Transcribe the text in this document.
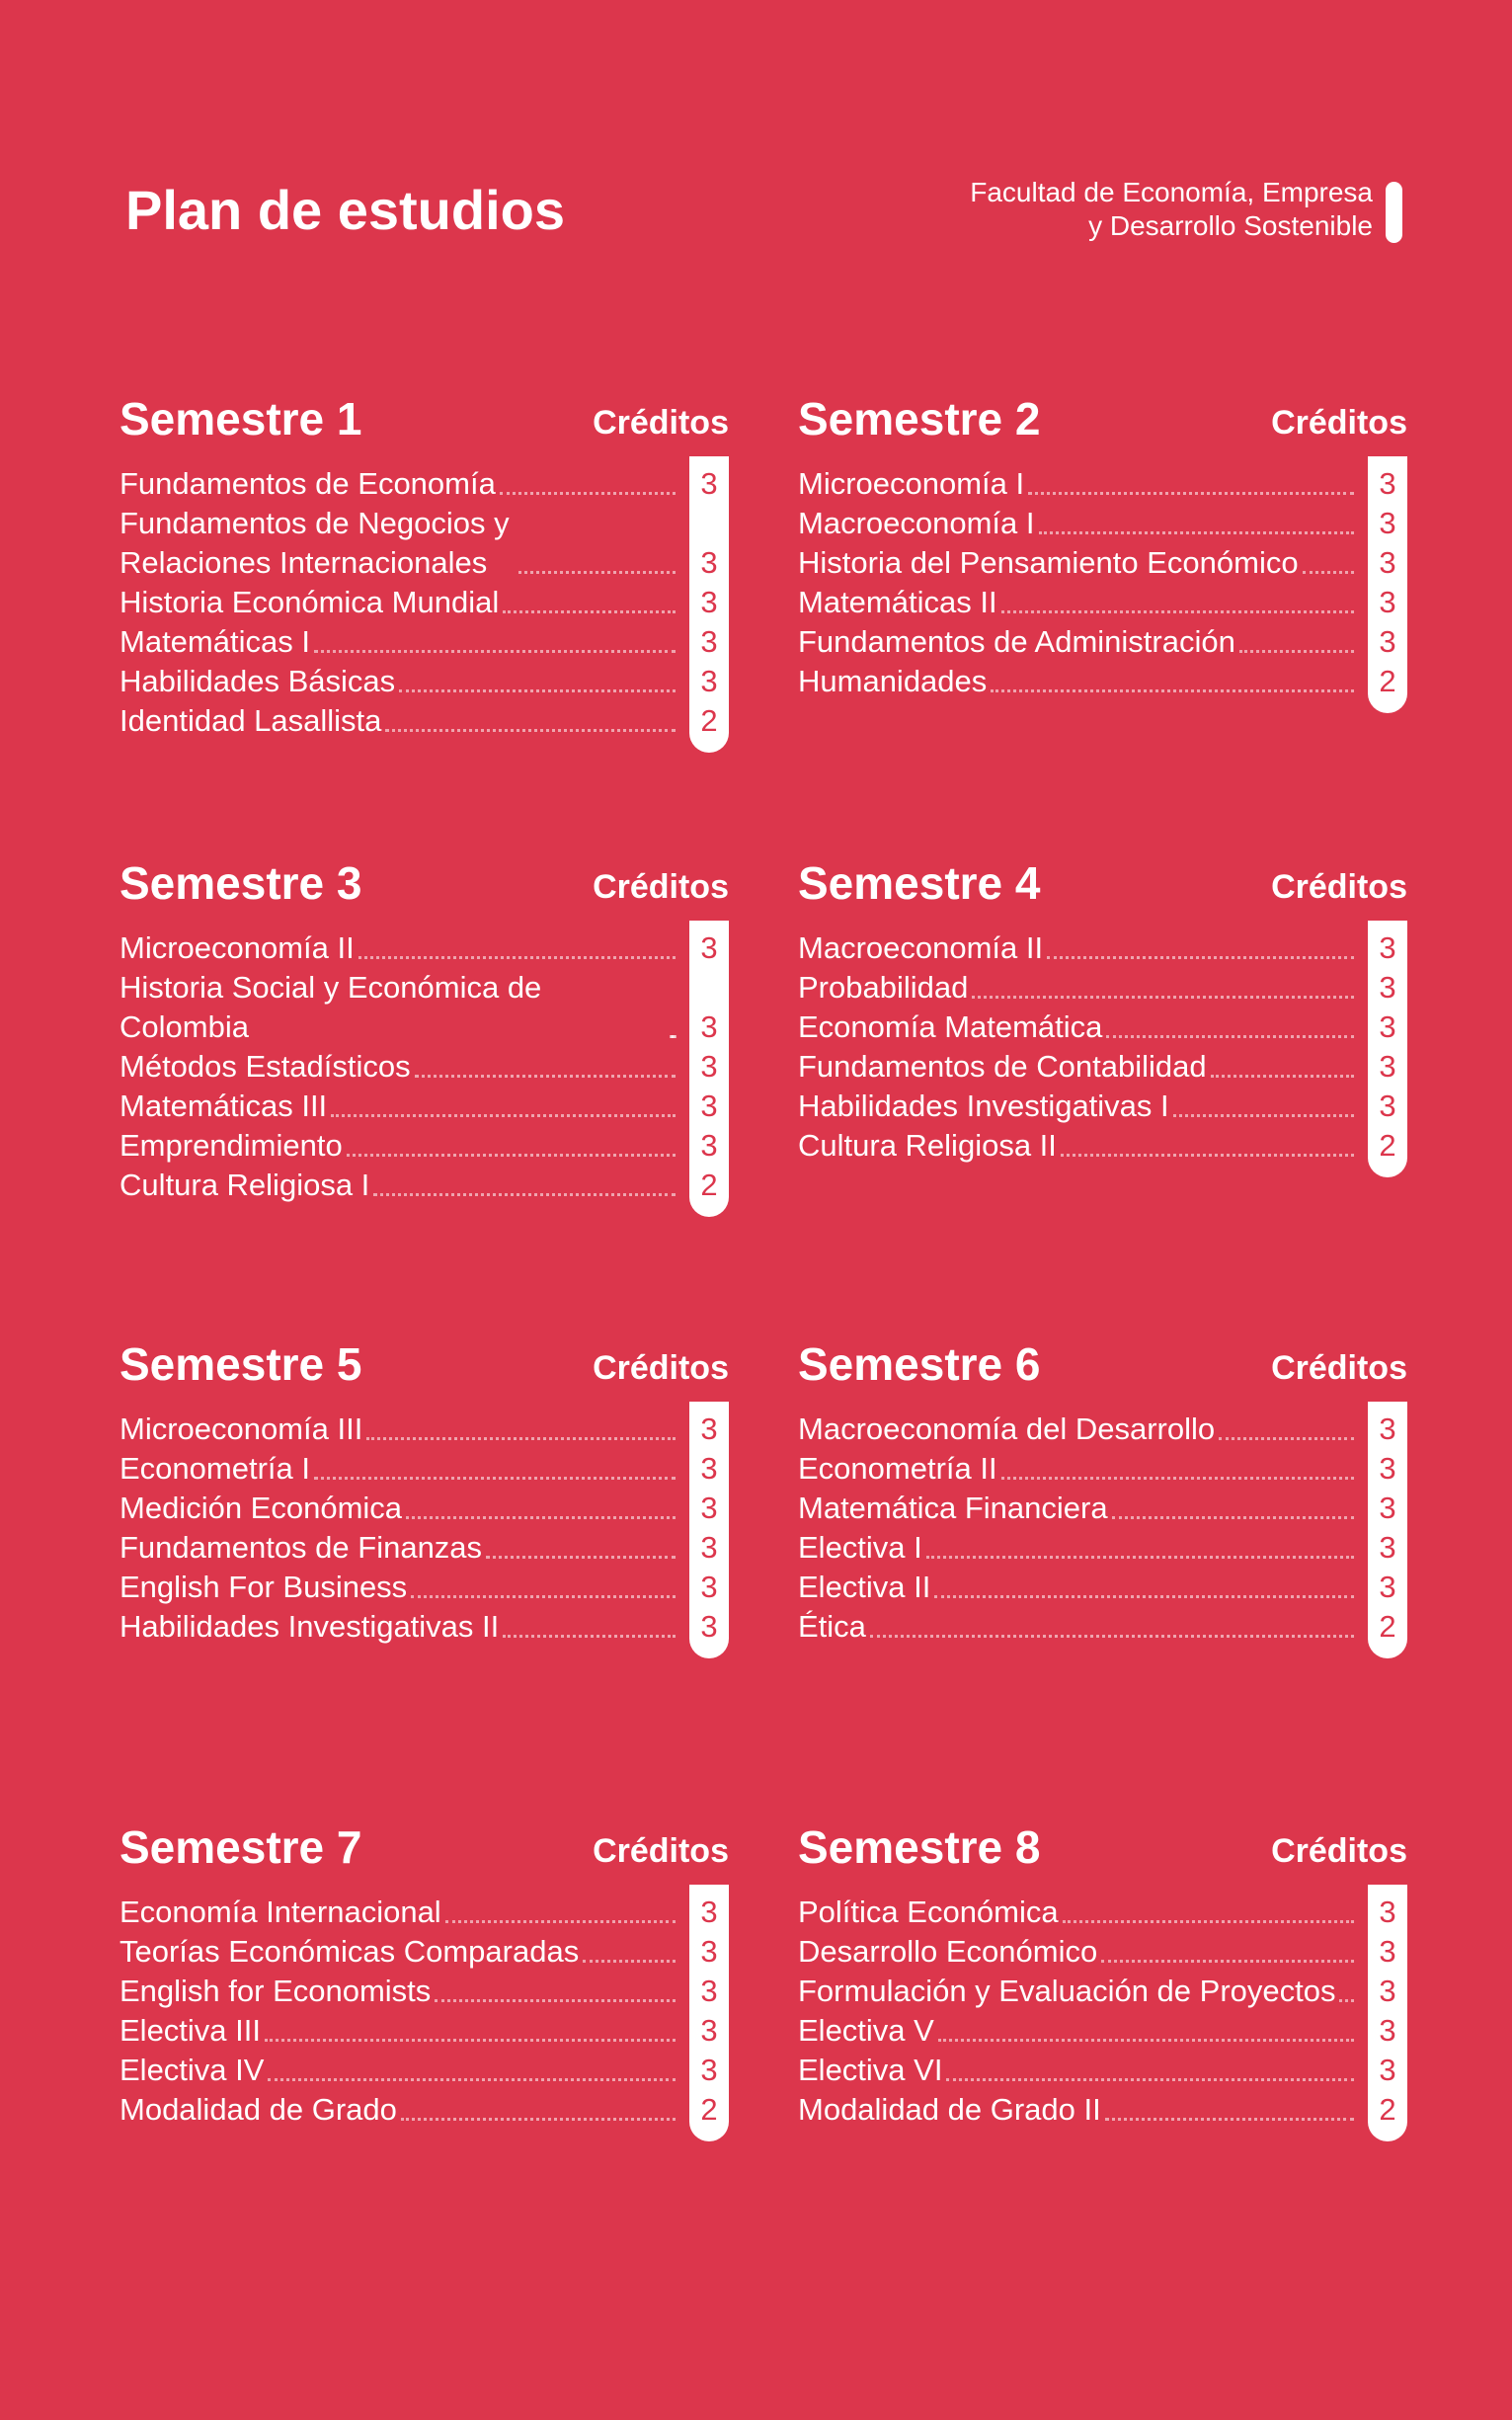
Plan de estudios	Facultad de Economía, Empresa
y Desarrollo Sostenible
Semestre 1	Créditos
Fundamentos de Economía	3
Fundamentos de Negocios y Relaciones Internacionales	3
Historia Económica Mundial	3
Matemáticas I	3
Habilidades Básicas	3
Identidad Lasallista	2
Semestre 2	Créditos
Microeconomía I	3
Macroeconomía I	3
Historia del Pensamiento Económico	3
Matemáticas II	3
Fundamentos de Administración	3
Humanidades	2
Semestre 3	Créditos
Microeconomía II	3
Historia Social y Económica de Colombia	3
Métodos Estadísticos	3
Matemáticas III	3
Emprendimiento	3
Cultura Religiosa I	2
Semestre 4	Créditos
Macroeconomía II	3
Probabilidad	3
Economía Matemática	3
Fundamentos de Contabilidad	3
Habilidades Investigativas I	3
Cultura Religiosa II	2
Semestre 5	Créditos
Microeconomía III	3
Econometría I	3
Medición Económica	3
Fundamentos de Finanzas	3
English For Business	3
Habilidades Investigativas II	3
Semestre 6	Créditos
Macroeconomía del Desarrollo	3
Econometría II	3
Matemática Financiera	3
Electiva I	3
Electiva II	3
Ética	2
Semestre 7	Créditos
Economía Internacional	3
Teorías Económicas Comparadas	3
English for Economists	3
Electiva III	3
Electiva IV	3
Modalidad de Grado	2
Semestre 8	Créditos
Política Económica	3
Desarrollo Económico	3
Formulación y Evaluación de Proyectos	3
Electiva V	3
Electiva VI	3
Modalidad de Grado II	2
